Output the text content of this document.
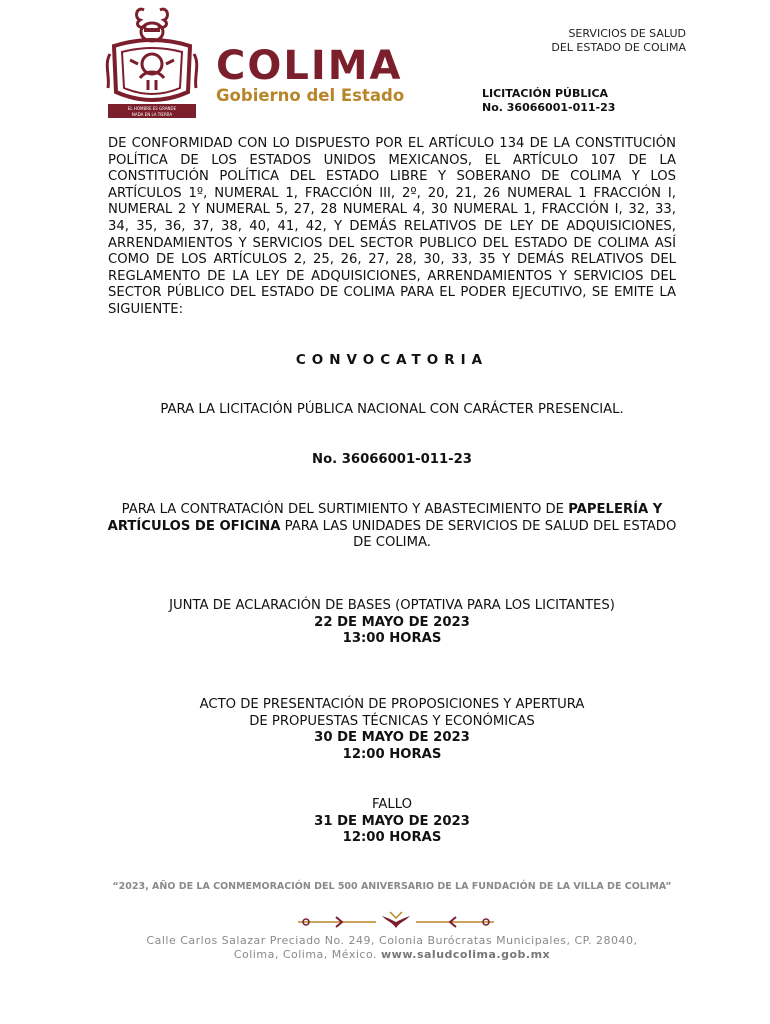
EL HOMBRE ES GRANDE
NADA EN LA TIERRA
COLIMA
Gobierno del Estado
SERVICIOS DE SALUD
DEL ESTADO DE COLIMA
LICITACIÓN PÚBLICA
No. 36066001-011-23
DE CONFORMIDAD CON LO DISPUESTO POR EL ARTÍCULO 134 DE LA CONSTITUCIÓN POLÍTICA DE LOS ESTADOS UNIDOS MEXICANOS, EL ARTÍCULO 107 DE LA CONSTITUCIÓN POLÍTICA DEL ESTADO LIBRE Y SOBERANO DE COLIMA Y LOS ARTÍCULOS 1º, NUMERAL 1, FRACCIÓN III, 2º, 20, 21, 26 NUMERAL 1 FRACCIÓN I, NUMERAL 2 Y NUMERAL 5, 27, 28 NUMERAL 4, 30 NUMERAL 1, FRACCIÓN I, 32, 33, 34, 35, 36, 37, 38, 40, 41, 42, Y DEMÁS RELATIVOS DE LEY DE ADQUISICIONES, ARRENDAMIENTOS Y SERVICIOS DEL SECTOR PUBLICO DEL ESTADO DE COLIMA ASÍ COMO DE LOS ARTÍCULOS 2, 25, 26, 27, 28, 30, 33, 35 Y DEMÁS RELATIVOS DEL REGLAMENTO DE LA LEY DE ADQUISICIONES, ARRENDAMIENTOS Y SERVICIOS DEL SECTOR PÚBLICO DEL ESTADO DE COLIMA PARA EL PODER EJECUTIVO, SE EMITE LA SIGUIENTE:
CONVOCATORIA
PARA LA LICITACIÓN PÚBLICA NACIONAL CON CARÁCTER PRESENCIAL.
No. 36066001-011-23
PARA LA CONTRATACIÓN DEL SURTIMIENTO Y ABASTECIMIENTO DE PAPELERÍA Y ARTÍCULOS DE OFICINA PARA LAS UNIDADES DE SERVICIOS DE SALUD DEL ESTADO DE COLIMA.
JUNTA DE ACLARACIÓN DE BASES (OPTATIVA PARA LOS LICITANTES)
22 DE MAYO DE 2023
13:00 HORAS
ACTO DE PRESENTACIÓN DE PROPOSICIONES Y APERTURA
DE PROPUESTAS TÉCNICAS Y ECONÓMICAS
30 DE MAYO DE 2023
12:00 HORAS
FALLO
31 DE MAYO DE 2023
12:00 HORAS
“2023, AÑO DE LA CONMEMORACIÓN DEL 500 ANIVERSARIO DE LA FUNDACIÓN DE LA VILLA DE COLIMA”
Calle Carlos Salazar Preciado No. 249, Colonia Burócratas Municipales, CP. 28040,
Colima, Colima, México. www.saludcolima.gob.mx
